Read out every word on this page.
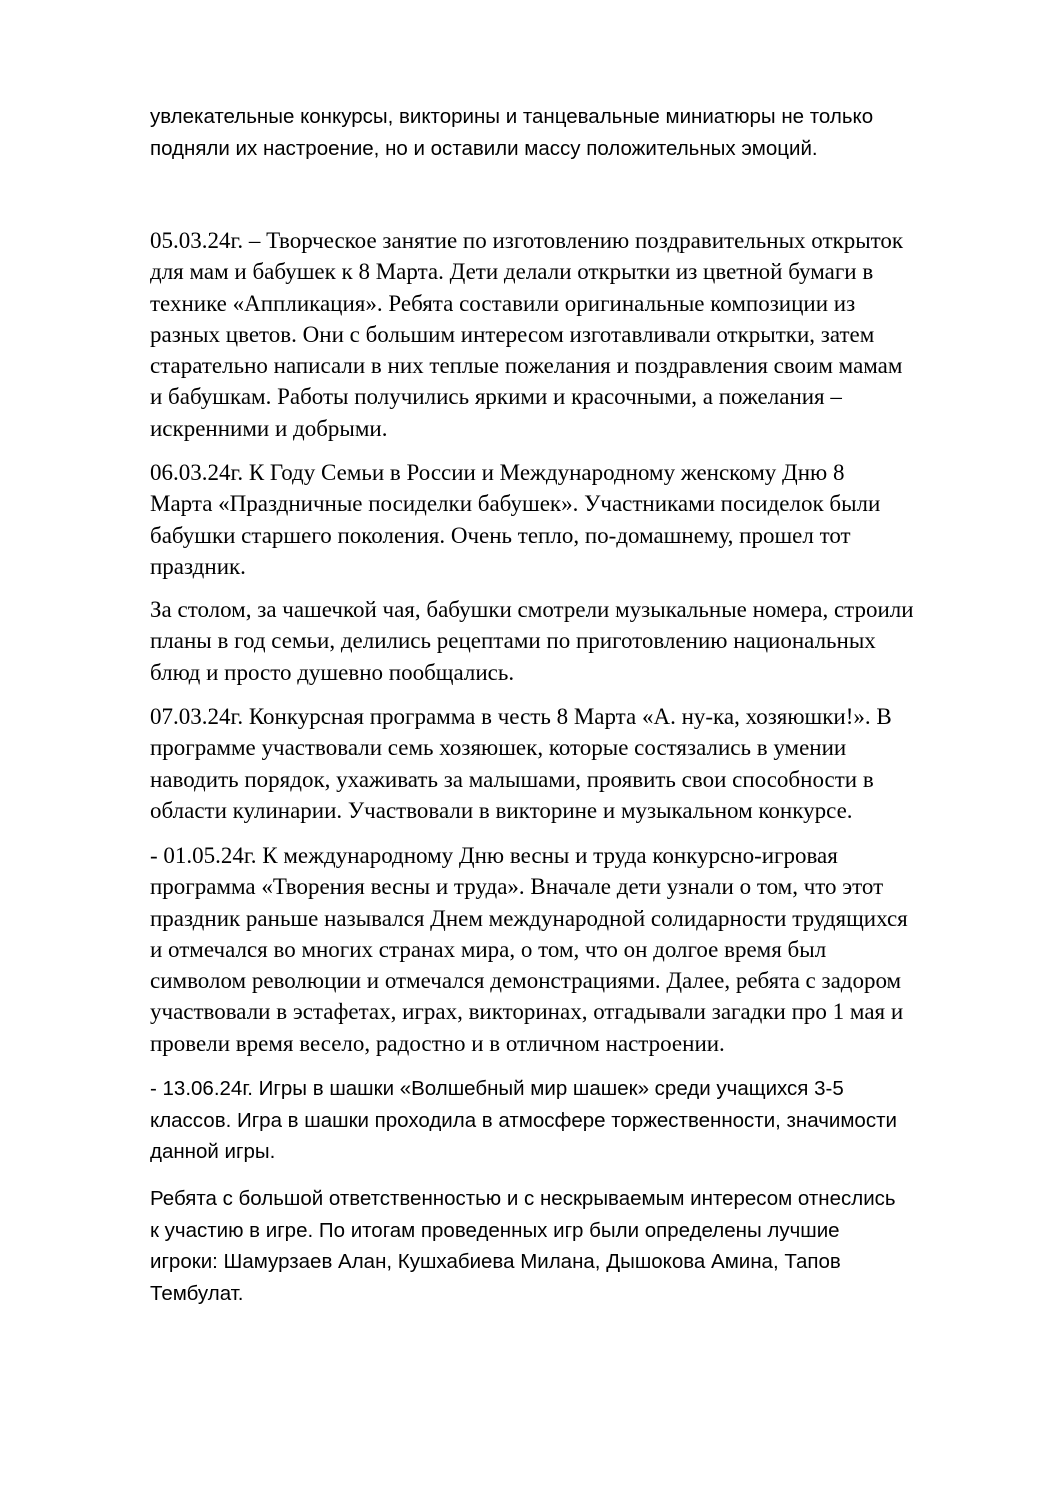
увлекательные конкурсы, викторины и танцевальные миниатюры не только
подняли их настроение, но и оставили массу положительных эмоций.

05.03.24г. – Творческое занятие по изготовлению поздравительных открыток
для мам и бабушек к 8 Марта. Дети делали открытки из цветной бумаги в
технике «Аппликация». Ребята составили оригинальные композиции из
разных цветов. Они с большим интересом изготавливали открытки, затем
старательно написали в них теплые пожелания и поздравления своим мамам
и бабушкам. Работы получились яркими и красочными, а пожелания –
искренними и добрыми.

06.03.24г. К Году Семьи в России и Международному женскому Дню 8
Марта «Праздничные посиделки бабушек». Участниками посиделок были
бабушки старшего поколения. Очень тепло, по-домашнему, прошел тот
праздник.

За столом, за чашечкой чая, бабушки смотрели музыкальные номера, строили
планы в год семьи, делились рецептами по приготовлению национальных
блюд и просто душевно пообщались.

07.03.24г. Конкурсная программа в честь 8 Марта «А. ну-ка, хозяюшки!». В
программе участвовали семь хозяюшек, которые состязались в умении
наводить порядок, ухаживать за малышами, проявить свои способности в
области кулинарии. Участвовали в викторине и музыкальном конкурсе.

- 01.05.24г. К международному Дню весны и труда конкурсно-игровая
программа «Творения весны и труда». Вначале дети узнали о том, что этот
праздник раньше назывался Днем международной солидарности трудящихся
и отмечался во многих странах мира, о том, что он долгое время был
символом революции и отмечался демонстрациями. Далее, ребята с задором
участвовали в эстафетах, играх, викторинах, отгадывали загадки про 1 мая и
провели время весело, радостно и в отличном настроении.

- 13.06.24г. Игры в шашки «Волшебный мир шашек» среди учащихся 3-5
классов. Игра в шашки проходила в атмосфере торжественности, значимости
данной игры.

Ребята с большой ответственностью и с нескрываемым интересом отнеслись
к участию в игре. По итогам проведенных игр были определены лучшие
игроки: Шамурзаев Алан, Кушхабиева Милана, Дышокова Амина, Тапов
Тембулат.
